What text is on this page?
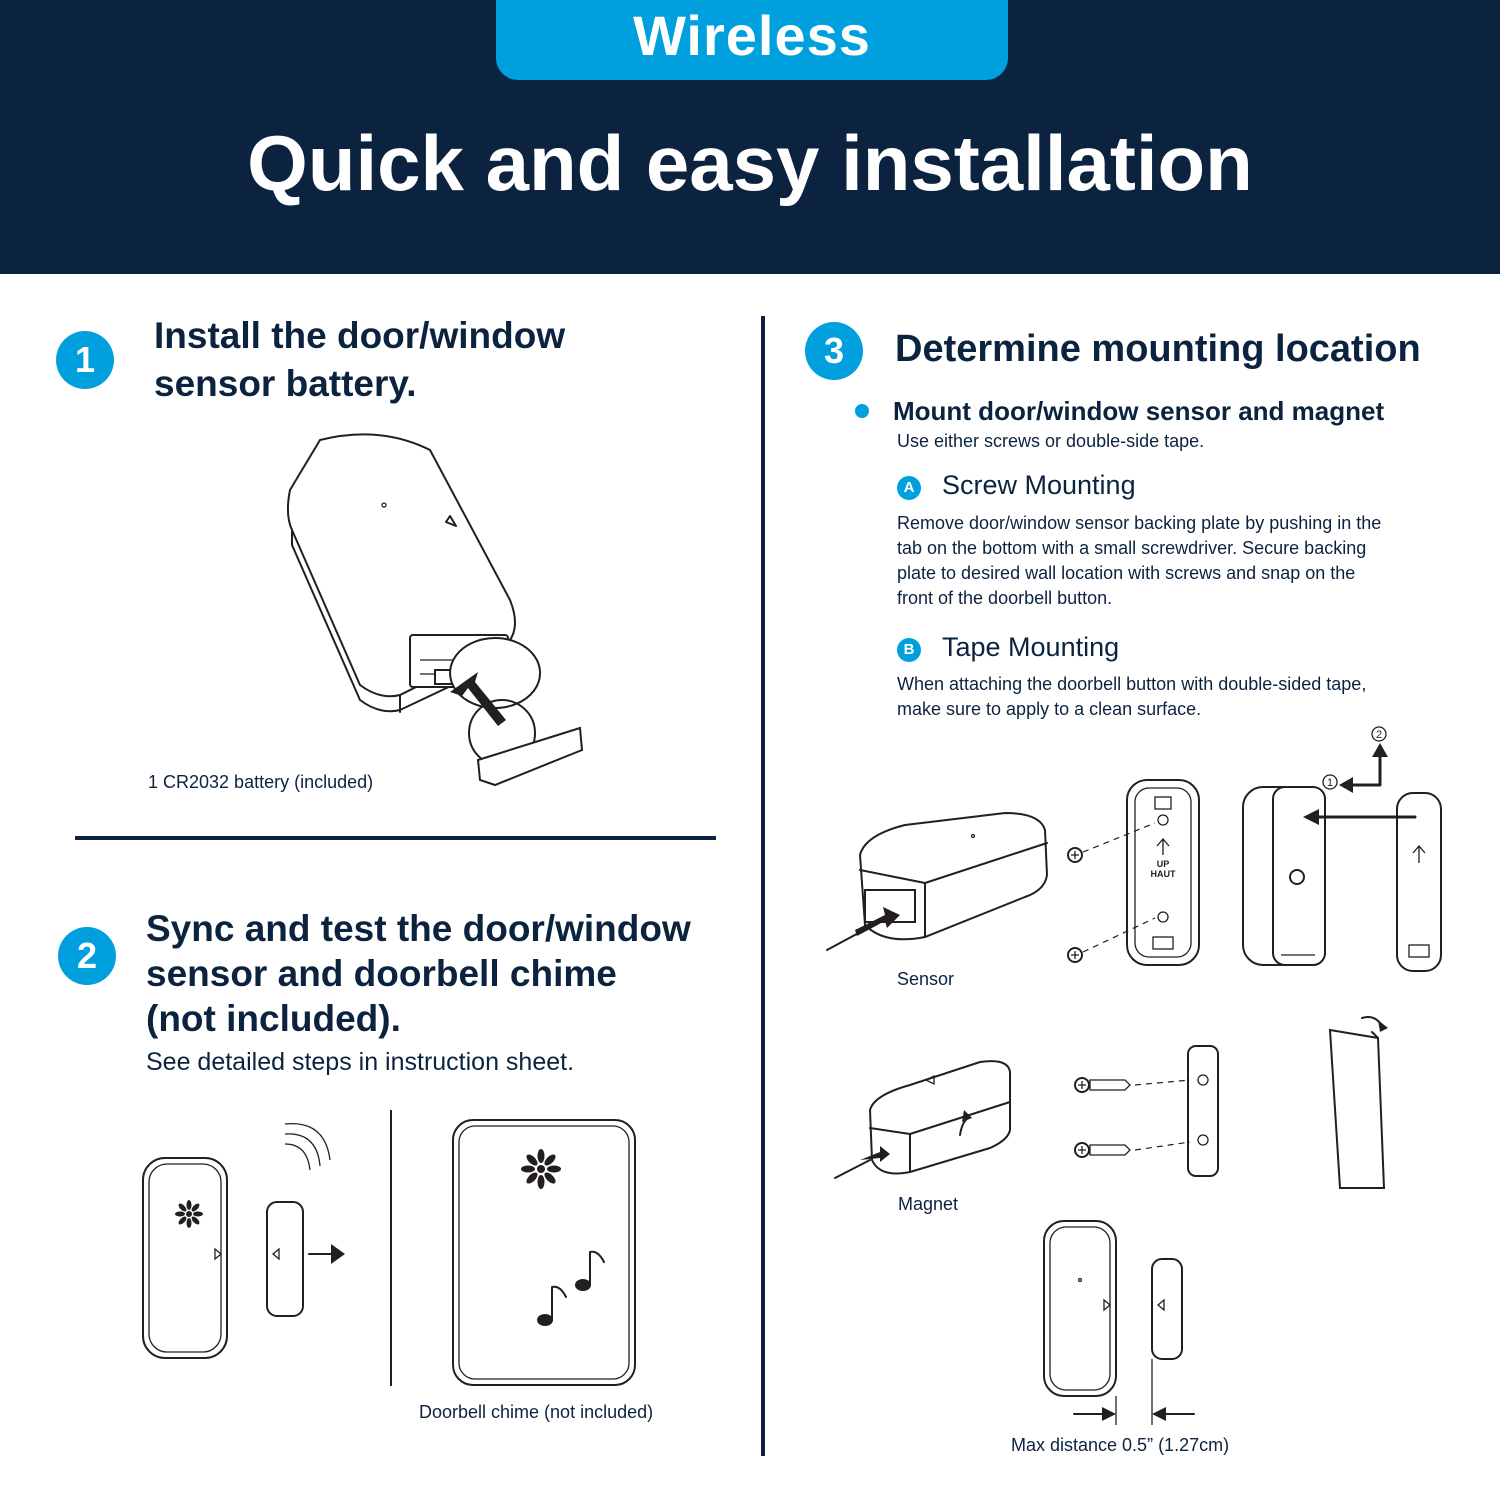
Wireless
Quick and easy installation
1
Install the door/window
sensor battery.
1 CR2032 battery (included)
2
Sync and test the door/window
sensor and doorbell chime
(not included).
See detailed steps in instruction sheet.
Doorbell chime (not included)
3	Determine mounting location
Mount door/window sensor and magnet
Use either screws or double-side tape.
A Screw Mounting
Remove door/window sensor backing plate by pushing in the
tab on the bottom with a small screwdriver. Secure backing
plate to desired wall location with screws and snap on the
front of the doorbell button.
B Tape Mounting
When attaching the doorbell button with double-sided tape,
make sure to apply to a clean surface.
UP
HAUT
1
2
Sensor
Magnet
Max distance 0.5” (1.27cm)
